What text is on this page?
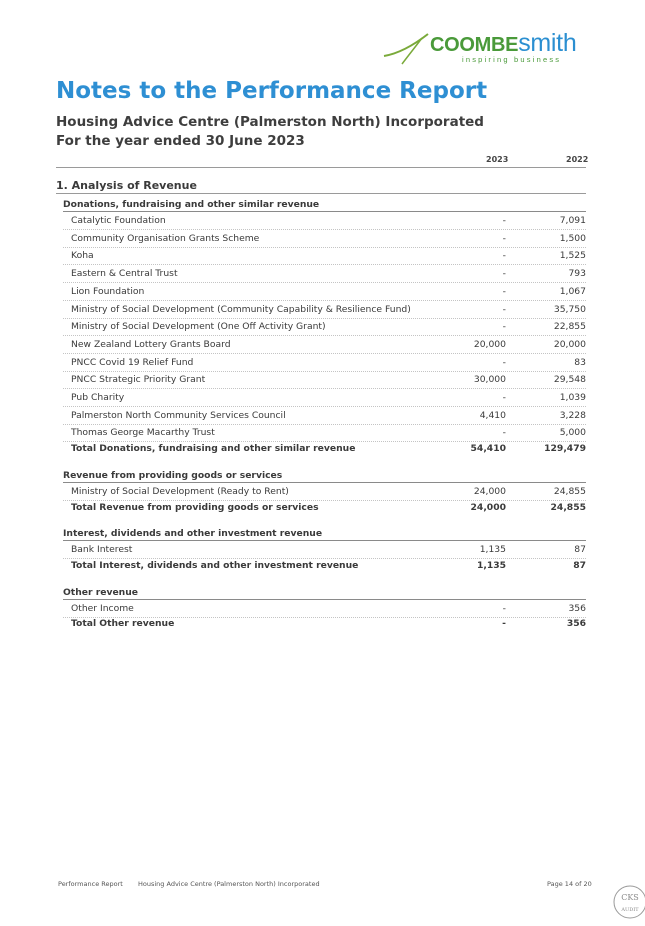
COOMBEsmith
inspiring business
Notes to the Performance Report
Housing Advice Centre (Palmerston North) Incorporated
For the year ended 30 June 2023
2023	2022
1. Analysis of Revenue
Donations, fundraising and other similar revenue
Catalytic Foundation	-	7,091
Community Organisation Grants Scheme	-	1,500
Koha	-	1,525
Eastern & Central Trust	-	793
Lion Foundation	-	1,067
Ministry of Social Development (Community Capability & Resilience Fund)	-	35,750
Ministry of Social Development (One Off Activity Grant)	-	22,855
New Zealand Lottery Grants Board	20,000	20,000
PNCC Covid 19 Relief Fund	-	83
PNCC Strategic Priority Grant	30,000	29,548
Pub Charity	-	1,039
Palmerston North Community Services Council	4,410	3,228
Thomas George Macarthy Trust	-	5,000
Total Donations, fundraising and other similar revenue	54,410	129,479
Revenue from providing goods or services
Ministry of Social Development (Ready to Rent)	24,000	24,855
Total Revenue from providing goods or services	24,000	24,855
Interest, dividends and other investment revenue
Bank Interest	1,135	87
Total Interest, dividends and other investment revenue	1,135	87
Other revenue
Other Income	-	356
Total Other revenue	-	356
Performance Report Housing Advice Centre (Palmerston North) Incorporated	Page 14 of 20
CKS
AUDIT
